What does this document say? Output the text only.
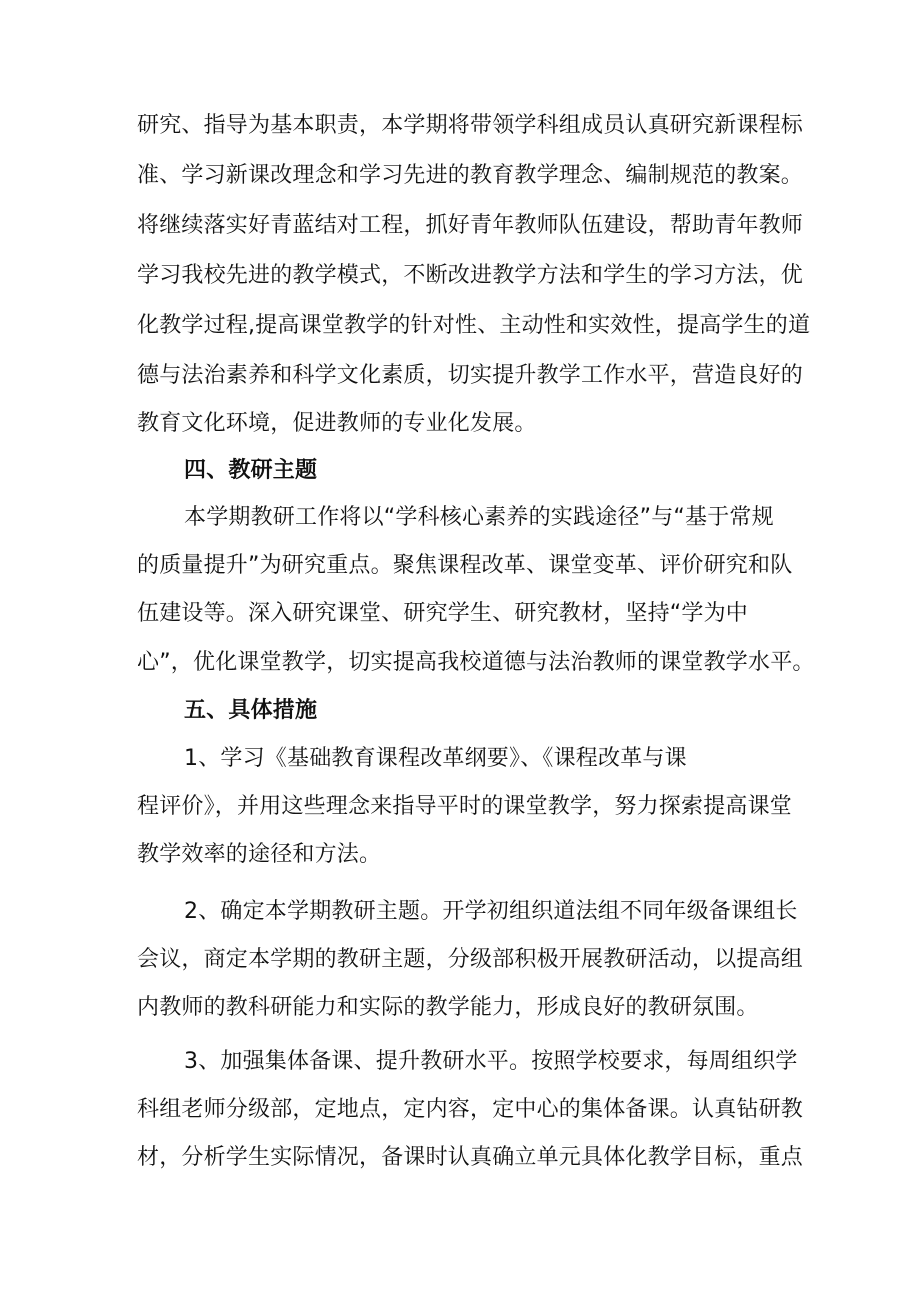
研究、指导为基本职责，本学期将带领学科组成员认真研究新课程标
准、学习新课改理念和学习先进的教育教学理念、编制规范的教案。
将继续落实好青蓝结对工程，抓好青年教师队伍建设，帮助青年教师
学习我校先进的教学模式，不断改进教学方法和学生的学习方法，优
化教学过程,提高课堂教学的针对性、主动性和实效性，提高学生的道
德与法治素养和科学文化素质，切实提升教学工作水平，营造良好的
教育文化环境，促进教师的专业化发展。
四、教研主题
本学期教研工作将以“学科核心素养的实践途径”与“基于常规
的质量提升”为研究重点。聚焦课程改革、课堂变革、评价研究和队
伍建设等。深入研究课堂、研究学生、研究教材，坚持“学为中
心”，优化课堂教学，切实提高我校道德与法治教师的课堂教学水平。
五、具体措施
1、学习《基础教育课程改革纲要》、《课程改革与课
程评价》，并用这些理念来指导平时的课堂教学，努力探索提高课堂
教学效率的途径和方法。
2、确定本学期教研主题。开学初组织道法组不同年级备课组长
会议，商定本学期的教研主题，分级部积极开展教研活动，以提高组
内教师的教科研能力和实际的教学能力，形成良好的教研氛围。
3、加强集体备课、提升教研水平。按照学校要求，每周组织学
科组老师分级部，定地点，定内容，定中心的集体备课。认真钻研教
材，分析学生实际情况，备课时认真确立单元具体化教学目标，重点
